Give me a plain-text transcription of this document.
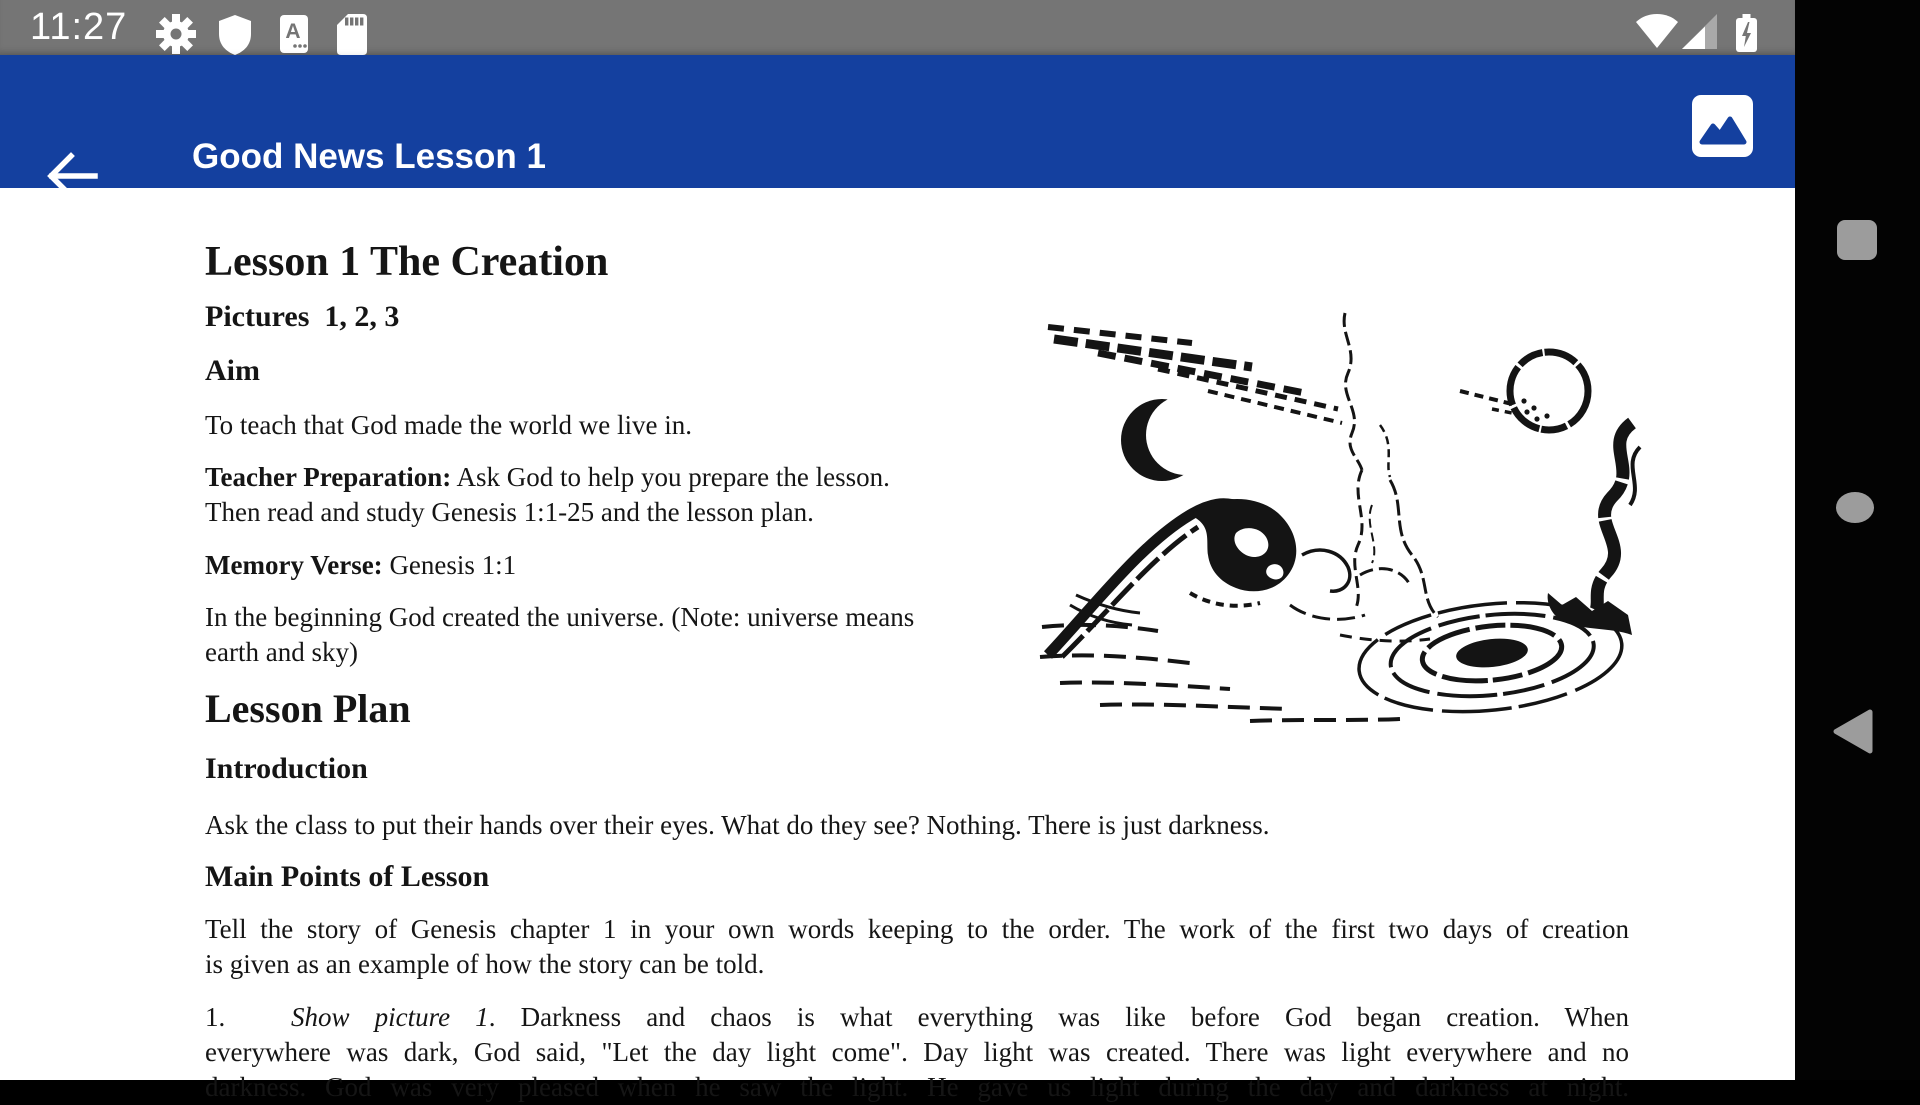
11:27	A
Good News Lesson 1
Lesson 1 The Creation
Pictures  1, 2, 3
Aim
To teach that God made the world we live in.
Teacher Preparation: Ask God to help you prepare the lesson.
Then read and study Genesis 1:1-25 and the lesson plan.
Memory Verse: Genesis 1:1
In the beginning God created the universe. (Note: universe means
earth and sky)
Lesson Plan
Introduction
Ask the class to put their hands over their eyes. What do they see? Nothing. There is just darkness.
Main Points of Lesson
Tell the story of Genesis chapter 1 in your own words keeping to the order. The work of the first two days of creation
is given as an example of how the story can be told.
1. Show picture 1. Darkness and chaos is what everything was like before God began creation. When
everywhere was dark, God said, "Let the day light come". Day light was created. There was light everywhere and no
darkness. God was very pleased when he saw the light. He gave us light during the day and darkness at night.
